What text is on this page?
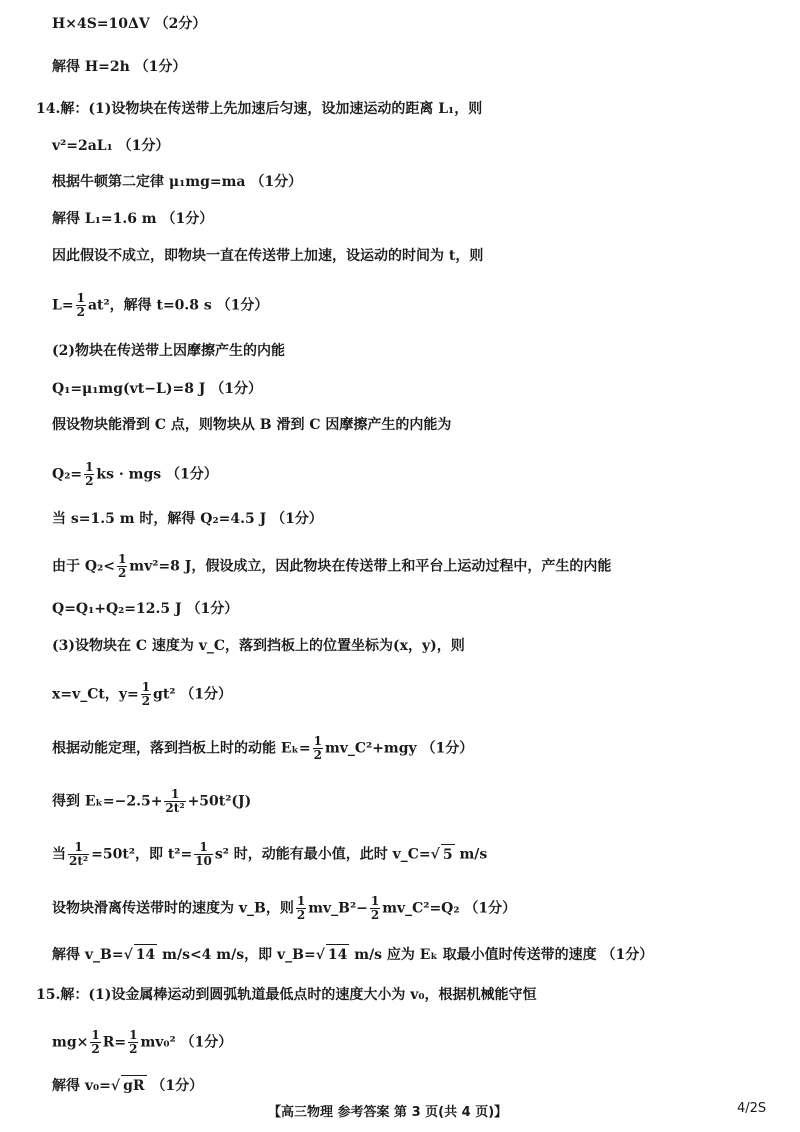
H×4S=10ΔV （2分）
解得 H=2h （1分）
14.解：(1)设物块在传送带上先加速后匀速，设加速运动的距离 L₁，则
v²=2aL₁ （1分）
根据牛顿第二定律 μ₁mg=ma （1分）
解得 L₁=1.6 m （1分）
因此假设不成立，即物块一直在传送带上加速，设运动的时间为 t，则
$L= \frac{1}{2} at^2$，解得 t=0.8 s （1分）
(2)物块在传送带上因摩擦产生的内能
Q₁=μ₁mg(vt−L)=8 J （1分）
假设物块能滑到 C 点，则物块从 B 滑到 C 因摩擦产生的内能为
$Q_2= \frac{1}{2}$ ks · mgs （1分）
当 s=1.5 m 时，解得 Q₂=4.5 J （1分）
由于 $Q_2< \frac{1}{2} mv^2=8$ J，假设成立，因此物块在传送带上和平台上运动过程中，产生的内能
Q=Q₁+Q₂=12.5 J （1分）
(3)设物块在 C 速度为 v_C，落到挡板上的位置坐标为(x，y)，则
x=v_Ct，$y= \frac{1}{2} gt^2$ （1分）
根据动能定理，落到挡板上时的动能 $E_k= \frac{1}{2}$ mv_C²+mgy （1分）
得到 $E_k=-2.5+ \frac{1}{\text{2t²}} +50t^2(J)$
当 $\frac{1}{\text{2t²}} =50t^2$，即 $t^2= \frac{1}{10} s^2$ 时，动能有最小值，此时 v_C=√ 5 m/s
设物块滑离传送带时的速度为 v_B，则 $\frac{1}{2}$ mv_B²− $\frac{1}{2}$ mv_C²=Q₂ （1分）
解得 v_B=√ 14 m/s<4 m/s，即 v_B=√ 14 m/s 应为 Eₖ 取最小值时传送带的速度 （1分）
15.解：(1)设金属棒运动到圆弧轨道最低点时的速度大小为 v₀，根据机械能守恒
$mg\times \frac{1}{2} R= \frac{1}{2} mv_0^2$ （1分）
解得 v₀=√ gR （1分）
【高三物理 参考答案 第 3 页(共 4 页)】	4/2S
